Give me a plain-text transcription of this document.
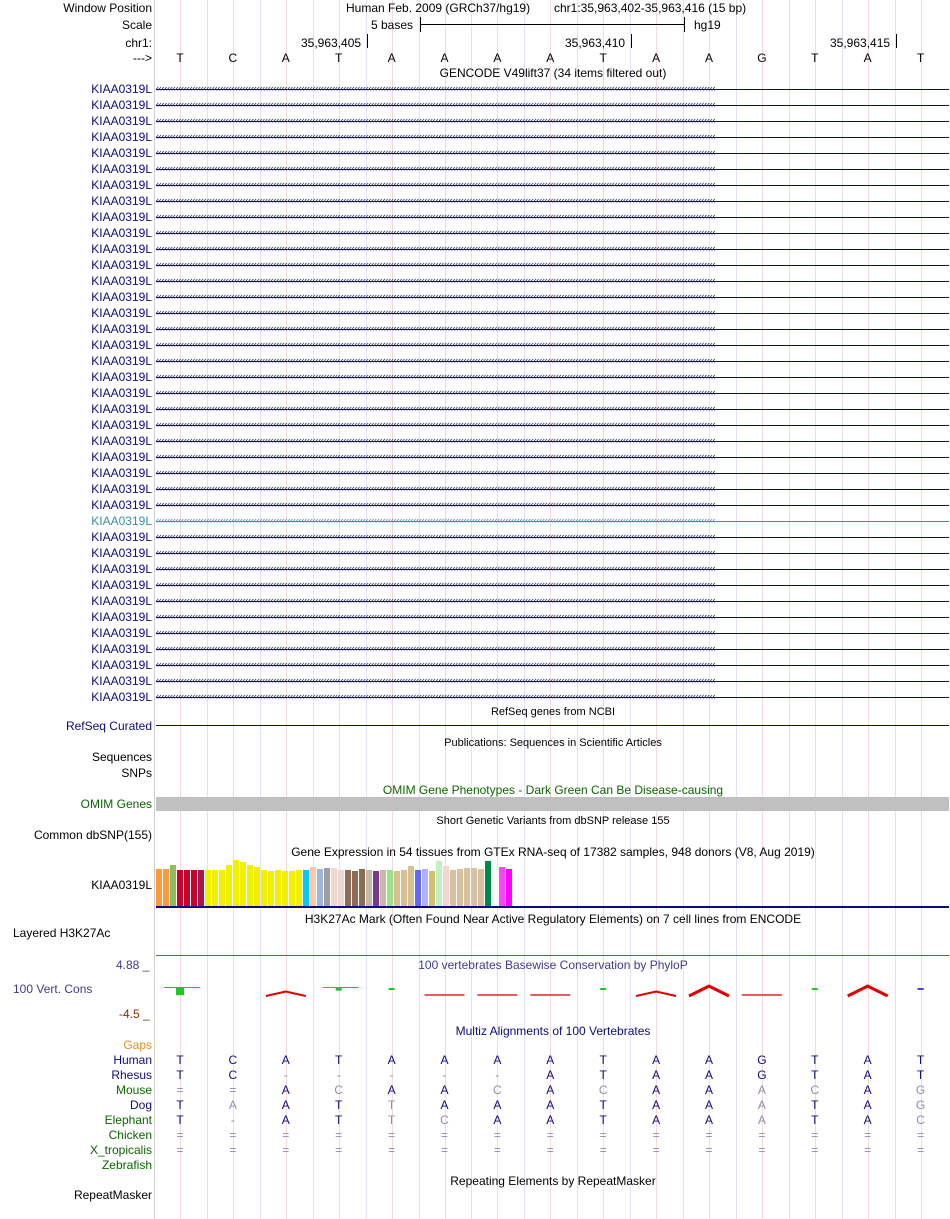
Window Position	Human Feb. 2009 (GRCh37/hg19) chr1:35,963,402-35,963,416 (15 bp)
Scale	5 bases	hg19
chr1:	35,963,405	35,963,410	35,963,415
--->	T	C	A	T	A	A	A	A	T	A	A	G	T	A	T
GENCODE V49lift37 (34 items filtered out)
KIAA0319L ‹‹‹‹‹‹‹‹‹‹‹‹‹‹‹‹‹‹‹‹‹‹‹‹‹‹‹‹‹‹‹‹‹‹‹‹‹‹‹‹‹‹‹‹‹‹‹‹‹‹‹‹‹‹‹‹‹‹‹‹‹‹‹‹‹‹‹‹‹‹‹‹‹‹‹‹‹‹‹‹‹‹‹‹‹‹‹‹‹‹‹‹‹‹‹‹‹‹‹‹‹‹‹‹‹‹‹‹‹‹‹‹‹‹‹‹‹‹‹‹‹‹‹‹‹‹‹‹‹‹‹‹‹‹‹‹‹‹‹‹‹‹‹‹‹‹‹‹‹‹‹‹‹‹‹‹‹‹‹‹‹‹‹‹‹‹‹‹‹‹‹‹‹‹‹‹‹‹‹‹‹‹‹‹‹‹‹‹‹‹‹‹‹‹‹‹‹‹‹‹
KIAA0319L ‹‹‹‹‹‹‹‹‹‹‹‹‹‹‹‹‹‹‹‹‹‹‹‹‹‹‹‹‹‹‹‹‹‹‹‹‹‹‹‹‹‹‹‹‹‹‹‹‹‹‹‹‹‹‹‹‹‹‹‹‹‹‹‹‹‹‹‹‹‹‹‹‹‹‹‹‹‹‹‹‹‹‹‹‹‹‹‹‹‹‹‹‹‹‹‹‹‹‹‹‹‹‹‹‹‹‹‹‹‹‹‹‹‹‹‹‹‹‹‹‹‹‹‹‹‹‹‹‹‹‹‹‹‹‹‹‹‹‹‹‹‹‹‹‹‹‹‹‹‹‹‹‹‹‹‹‹‹‹‹‹‹‹‹‹‹‹‹‹‹‹‹‹‹‹‹‹‹‹‹‹‹‹‹‹‹‹‹‹‹‹‹‹‹‹‹‹‹‹‹
KIAA0319L ‹‹‹‹‹‹‹‹‹‹‹‹‹‹‹‹‹‹‹‹‹‹‹‹‹‹‹‹‹‹‹‹‹‹‹‹‹‹‹‹‹‹‹‹‹‹‹‹‹‹‹‹‹‹‹‹‹‹‹‹‹‹‹‹‹‹‹‹‹‹‹‹‹‹‹‹‹‹‹‹‹‹‹‹‹‹‹‹‹‹‹‹‹‹‹‹‹‹‹‹‹‹‹‹‹‹‹‹‹‹‹‹‹‹‹‹‹‹‹‹‹‹‹‹‹‹‹‹‹‹‹‹‹‹‹‹‹‹‹‹‹‹‹‹‹‹‹‹‹‹‹‹‹‹‹‹‹‹‹‹‹‹‹‹‹‹‹‹‹‹‹‹‹‹‹‹‹‹‹‹‹‹‹‹‹‹‹‹‹‹‹‹‹‹‹‹‹‹‹‹
KIAA0319L ‹‹‹‹‹‹‹‹‹‹‹‹‹‹‹‹‹‹‹‹‹‹‹‹‹‹‹‹‹‹‹‹‹‹‹‹‹‹‹‹‹‹‹‹‹‹‹‹‹‹‹‹‹‹‹‹‹‹‹‹‹‹‹‹‹‹‹‹‹‹‹‹‹‹‹‹‹‹‹‹‹‹‹‹‹‹‹‹‹‹‹‹‹‹‹‹‹‹‹‹‹‹‹‹‹‹‹‹‹‹‹‹‹‹‹‹‹‹‹‹‹‹‹‹‹‹‹‹‹‹‹‹‹‹‹‹‹‹‹‹‹‹‹‹‹‹‹‹‹‹‹‹‹‹‹‹‹‹‹‹‹‹‹‹‹‹‹‹‹‹‹‹‹‹‹‹‹‹‹‹‹‹‹‹‹‹‹‹‹‹‹‹‹‹‹‹‹‹‹‹
KIAA0319L ‹‹‹‹‹‹‹‹‹‹‹‹‹‹‹‹‹‹‹‹‹‹‹‹‹‹‹‹‹‹‹‹‹‹‹‹‹‹‹‹‹‹‹‹‹‹‹‹‹‹‹‹‹‹‹‹‹‹‹‹‹‹‹‹‹‹‹‹‹‹‹‹‹‹‹‹‹‹‹‹‹‹‹‹‹‹‹‹‹‹‹‹‹‹‹‹‹‹‹‹‹‹‹‹‹‹‹‹‹‹‹‹‹‹‹‹‹‹‹‹‹‹‹‹‹‹‹‹‹‹‹‹‹‹‹‹‹‹‹‹‹‹‹‹‹‹‹‹‹‹‹‹‹‹‹‹‹‹‹‹‹‹‹‹‹‹‹‹‹‹‹‹‹‹‹‹‹‹‹‹‹‹‹‹‹‹‹‹‹‹‹‹‹‹‹‹‹‹‹‹
KIAA0319L ‹‹‹‹‹‹‹‹‹‹‹‹‹‹‹‹‹‹‹‹‹‹‹‹‹‹‹‹‹‹‹‹‹‹‹‹‹‹‹‹‹‹‹‹‹‹‹‹‹‹‹‹‹‹‹‹‹‹‹‹‹‹‹‹‹‹‹‹‹‹‹‹‹‹‹‹‹‹‹‹‹‹‹‹‹‹‹‹‹‹‹‹‹‹‹‹‹‹‹‹‹‹‹‹‹‹‹‹‹‹‹‹‹‹‹‹‹‹‹‹‹‹‹‹‹‹‹‹‹‹‹‹‹‹‹‹‹‹‹‹‹‹‹‹‹‹‹‹‹‹‹‹‹‹‹‹‹‹‹‹‹‹‹‹‹‹‹‹‹‹‹‹‹‹‹‹‹‹‹‹‹‹‹‹‹‹‹‹‹‹‹‹‹‹‹‹‹‹‹‹
KIAA0319L ‹‹‹‹‹‹‹‹‹‹‹‹‹‹‹‹‹‹‹‹‹‹‹‹‹‹‹‹‹‹‹‹‹‹‹‹‹‹‹‹‹‹‹‹‹‹‹‹‹‹‹‹‹‹‹‹‹‹‹‹‹‹‹‹‹‹‹‹‹‹‹‹‹‹‹‹‹‹‹‹‹‹‹‹‹‹‹‹‹‹‹‹‹‹‹‹‹‹‹‹‹‹‹‹‹‹‹‹‹‹‹‹‹‹‹‹‹‹‹‹‹‹‹‹‹‹‹‹‹‹‹‹‹‹‹‹‹‹‹‹‹‹‹‹‹‹‹‹‹‹‹‹‹‹‹‹‹‹‹‹‹‹‹‹‹‹‹‹‹‹‹‹‹‹‹‹‹‹‹‹‹‹‹‹‹‹‹‹‹‹‹‹‹‹‹‹‹‹‹‹
KIAA0319L ‹‹‹‹‹‹‹‹‹‹‹‹‹‹‹‹‹‹‹‹‹‹‹‹‹‹‹‹‹‹‹‹‹‹‹‹‹‹‹‹‹‹‹‹‹‹‹‹‹‹‹‹‹‹‹‹‹‹‹‹‹‹‹‹‹‹‹‹‹‹‹‹‹‹‹‹‹‹‹‹‹‹‹‹‹‹‹‹‹‹‹‹‹‹‹‹‹‹‹‹‹‹‹‹‹‹‹‹‹‹‹‹‹‹‹‹‹‹‹‹‹‹‹‹‹‹‹‹‹‹‹‹‹‹‹‹‹‹‹‹‹‹‹‹‹‹‹‹‹‹‹‹‹‹‹‹‹‹‹‹‹‹‹‹‹‹‹‹‹‹‹‹‹‹‹‹‹‹‹‹‹‹‹‹‹‹‹‹‹‹‹‹‹‹‹‹‹‹‹‹
KIAA0319L ‹‹‹‹‹‹‹‹‹‹‹‹‹‹‹‹‹‹‹‹‹‹‹‹‹‹‹‹‹‹‹‹‹‹‹‹‹‹‹‹‹‹‹‹‹‹‹‹‹‹‹‹‹‹‹‹‹‹‹‹‹‹‹‹‹‹‹‹‹‹‹‹‹‹‹‹‹‹‹‹‹‹‹‹‹‹‹‹‹‹‹‹‹‹‹‹‹‹‹‹‹‹‹‹‹‹‹‹‹‹‹‹‹‹‹‹‹‹‹‹‹‹‹‹‹‹‹‹‹‹‹‹‹‹‹‹‹‹‹‹‹‹‹‹‹‹‹‹‹‹‹‹‹‹‹‹‹‹‹‹‹‹‹‹‹‹‹‹‹‹‹‹‹‹‹‹‹‹‹‹‹‹‹‹‹‹‹‹‹‹‹‹‹‹‹‹‹‹‹‹
KIAA0319L ‹‹‹‹‹‹‹‹‹‹‹‹‹‹‹‹‹‹‹‹‹‹‹‹‹‹‹‹‹‹‹‹‹‹‹‹‹‹‹‹‹‹‹‹‹‹‹‹‹‹‹‹‹‹‹‹‹‹‹‹‹‹‹‹‹‹‹‹‹‹‹‹‹‹‹‹‹‹‹‹‹‹‹‹‹‹‹‹‹‹‹‹‹‹‹‹‹‹‹‹‹‹‹‹‹‹‹‹‹‹‹‹‹‹‹‹‹‹‹‹‹‹‹‹‹‹‹‹‹‹‹‹‹‹‹‹‹‹‹‹‹‹‹‹‹‹‹‹‹‹‹‹‹‹‹‹‹‹‹‹‹‹‹‹‹‹‹‹‹‹‹‹‹‹‹‹‹‹‹‹‹‹‹‹‹‹‹‹‹‹‹‹‹‹‹‹‹‹‹‹
KIAA0319L ‹‹‹‹‹‹‹‹‹‹‹‹‹‹‹‹‹‹‹‹‹‹‹‹‹‹‹‹‹‹‹‹‹‹‹‹‹‹‹‹‹‹‹‹‹‹‹‹‹‹‹‹‹‹‹‹‹‹‹‹‹‹‹‹‹‹‹‹‹‹‹‹‹‹‹‹‹‹‹‹‹‹‹‹‹‹‹‹‹‹‹‹‹‹‹‹‹‹‹‹‹‹‹‹‹‹‹‹‹‹‹‹‹‹‹‹‹‹‹‹‹‹‹‹‹‹‹‹‹‹‹‹‹‹‹‹‹‹‹‹‹‹‹‹‹‹‹‹‹‹‹‹‹‹‹‹‹‹‹‹‹‹‹‹‹‹‹‹‹‹‹‹‹‹‹‹‹‹‹‹‹‹‹‹‹‹‹‹‹‹‹‹‹‹‹‹‹‹‹‹
KIAA0319L ‹‹‹‹‹‹‹‹‹‹‹‹‹‹‹‹‹‹‹‹‹‹‹‹‹‹‹‹‹‹‹‹‹‹‹‹‹‹‹‹‹‹‹‹‹‹‹‹‹‹‹‹‹‹‹‹‹‹‹‹‹‹‹‹‹‹‹‹‹‹‹‹‹‹‹‹‹‹‹‹‹‹‹‹‹‹‹‹‹‹‹‹‹‹‹‹‹‹‹‹‹‹‹‹‹‹‹‹‹‹‹‹‹‹‹‹‹‹‹‹‹‹‹‹‹‹‹‹‹‹‹‹‹‹‹‹‹‹‹‹‹‹‹‹‹‹‹‹‹‹‹‹‹‹‹‹‹‹‹‹‹‹‹‹‹‹‹‹‹‹‹‹‹‹‹‹‹‹‹‹‹‹‹‹‹‹‹‹‹‹‹‹‹‹‹‹‹‹‹‹
KIAA0319L ‹‹‹‹‹‹‹‹‹‹‹‹‹‹‹‹‹‹‹‹‹‹‹‹‹‹‹‹‹‹‹‹‹‹‹‹‹‹‹‹‹‹‹‹‹‹‹‹‹‹‹‹‹‹‹‹‹‹‹‹‹‹‹‹‹‹‹‹‹‹‹‹‹‹‹‹‹‹‹‹‹‹‹‹‹‹‹‹‹‹‹‹‹‹‹‹‹‹‹‹‹‹‹‹‹‹‹‹‹‹‹‹‹‹‹‹‹‹‹‹‹‹‹‹‹‹‹‹‹‹‹‹‹‹‹‹‹‹‹‹‹‹‹‹‹‹‹‹‹‹‹‹‹‹‹‹‹‹‹‹‹‹‹‹‹‹‹‹‹‹‹‹‹‹‹‹‹‹‹‹‹‹‹‹‹‹‹‹‹‹‹‹‹‹‹‹‹‹‹‹
KIAA0319L ‹‹‹‹‹‹‹‹‹‹‹‹‹‹‹‹‹‹‹‹‹‹‹‹‹‹‹‹‹‹‹‹‹‹‹‹‹‹‹‹‹‹‹‹‹‹‹‹‹‹‹‹‹‹‹‹‹‹‹‹‹‹‹‹‹‹‹‹‹‹‹‹‹‹‹‹‹‹‹‹‹‹‹‹‹‹‹‹‹‹‹‹‹‹‹‹‹‹‹‹‹‹‹‹‹‹‹‹‹‹‹‹‹‹‹‹‹‹‹‹‹‹‹‹‹‹‹‹‹‹‹‹‹‹‹‹‹‹‹‹‹‹‹‹‹‹‹‹‹‹‹‹‹‹‹‹‹‹‹‹‹‹‹‹‹‹‹‹‹‹‹‹‹‹‹‹‹‹‹‹‹‹‹‹‹‹‹‹‹‹‹‹‹‹‹‹‹‹‹‹
KIAA0319L ‹‹‹‹‹‹‹‹‹‹‹‹‹‹‹‹‹‹‹‹‹‹‹‹‹‹‹‹‹‹‹‹‹‹‹‹‹‹‹‹‹‹‹‹‹‹‹‹‹‹‹‹‹‹‹‹‹‹‹‹‹‹‹‹‹‹‹‹‹‹‹‹‹‹‹‹‹‹‹‹‹‹‹‹‹‹‹‹‹‹‹‹‹‹‹‹‹‹‹‹‹‹‹‹‹‹‹‹‹‹‹‹‹‹‹‹‹‹‹‹‹‹‹‹‹‹‹‹‹‹‹‹‹‹‹‹‹‹‹‹‹‹‹‹‹‹‹‹‹‹‹‹‹‹‹‹‹‹‹‹‹‹‹‹‹‹‹‹‹‹‹‹‹‹‹‹‹‹‹‹‹‹‹‹‹‹‹‹‹‹‹‹‹‹‹‹‹‹‹‹
KIAA0319L ‹‹‹‹‹‹‹‹‹‹‹‹‹‹‹‹‹‹‹‹‹‹‹‹‹‹‹‹‹‹‹‹‹‹‹‹‹‹‹‹‹‹‹‹‹‹‹‹‹‹‹‹‹‹‹‹‹‹‹‹‹‹‹‹‹‹‹‹‹‹‹‹‹‹‹‹‹‹‹‹‹‹‹‹‹‹‹‹‹‹‹‹‹‹‹‹‹‹‹‹‹‹‹‹‹‹‹‹‹‹‹‹‹‹‹‹‹‹‹‹‹‹‹‹‹‹‹‹‹‹‹‹‹‹‹‹‹‹‹‹‹‹‹‹‹‹‹‹‹‹‹‹‹‹‹‹‹‹‹‹‹‹‹‹‹‹‹‹‹‹‹‹‹‹‹‹‹‹‹‹‹‹‹‹‹‹‹‹‹‹‹‹‹‹‹‹‹‹‹‹
KIAA0319L ‹‹‹‹‹‹‹‹‹‹‹‹‹‹‹‹‹‹‹‹‹‹‹‹‹‹‹‹‹‹‹‹‹‹‹‹‹‹‹‹‹‹‹‹‹‹‹‹‹‹‹‹‹‹‹‹‹‹‹‹‹‹‹‹‹‹‹‹‹‹‹‹‹‹‹‹‹‹‹‹‹‹‹‹‹‹‹‹‹‹‹‹‹‹‹‹‹‹‹‹‹‹‹‹‹‹‹‹‹‹‹‹‹‹‹‹‹‹‹‹‹‹‹‹‹‹‹‹‹‹‹‹‹‹‹‹‹‹‹‹‹‹‹‹‹‹‹‹‹‹‹‹‹‹‹‹‹‹‹‹‹‹‹‹‹‹‹‹‹‹‹‹‹‹‹‹‹‹‹‹‹‹‹‹‹‹‹‹‹‹‹‹‹‹‹‹‹‹‹‹
KIAA0319L ‹‹‹‹‹‹‹‹‹‹‹‹‹‹‹‹‹‹‹‹‹‹‹‹‹‹‹‹‹‹‹‹‹‹‹‹‹‹‹‹‹‹‹‹‹‹‹‹‹‹‹‹‹‹‹‹‹‹‹‹‹‹‹‹‹‹‹‹‹‹‹‹‹‹‹‹‹‹‹‹‹‹‹‹‹‹‹‹‹‹‹‹‹‹‹‹‹‹‹‹‹‹‹‹‹‹‹‹‹‹‹‹‹‹‹‹‹‹‹‹‹‹‹‹‹‹‹‹‹‹‹‹‹‹‹‹‹‹‹‹‹‹‹‹‹‹‹‹‹‹‹‹‹‹‹‹‹‹‹‹‹‹‹‹‹‹‹‹‹‹‹‹‹‹‹‹‹‹‹‹‹‹‹‹‹‹‹‹‹‹‹‹‹‹‹‹‹‹‹‹
KIAA0319L ‹‹‹‹‹‹‹‹‹‹‹‹‹‹‹‹‹‹‹‹‹‹‹‹‹‹‹‹‹‹‹‹‹‹‹‹‹‹‹‹‹‹‹‹‹‹‹‹‹‹‹‹‹‹‹‹‹‹‹‹‹‹‹‹‹‹‹‹‹‹‹‹‹‹‹‹‹‹‹‹‹‹‹‹‹‹‹‹‹‹‹‹‹‹‹‹‹‹‹‹‹‹‹‹‹‹‹‹‹‹‹‹‹‹‹‹‹‹‹‹‹‹‹‹‹‹‹‹‹‹‹‹‹‹‹‹‹‹‹‹‹‹‹‹‹‹‹‹‹‹‹‹‹‹‹‹‹‹‹‹‹‹‹‹‹‹‹‹‹‹‹‹‹‹‹‹‹‹‹‹‹‹‹‹‹‹‹‹‹‹‹‹‹‹‹‹‹‹‹‹
KIAA0319L ‹‹‹‹‹‹‹‹‹‹‹‹‹‹‹‹‹‹‹‹‹‹‹‹‹‹‹‹‹‹‹‹‹‹‹‹‹‹‹‹‹‹‹‹‹‹‹‹‹‹‹‹‹‹‹‹‹‹‹‹‹‹‹‹‹‹‹‹‹‹‹‹‹‹‹‹‹‹‹‹‹‹‹‹‹‹‹‹‹‹‹‹‹‹‹‹‹‹‹‹‹‹‹‹‹‹‹‹‹‹‹‹‹‹‹‹‹‹‹‹‹‹‹‹‹‹‹‹‹‹‹‹‹‹‹‹‹‹‹‹‹‹‹‹‹‹‹‹‹‹‹‹‹‹‹‹‹‹‹‹‹‹‹‹‹‹‹‹‹‹‹‹‹‹‹‹‹‹‹‹‹‹‹‹‹‹‹‹‹‹‹‹‹‹‹‹‹‹‹‹
KIAA0319L ‹‹‹‹‹‹‹‹‹‹‹‹‹‹‹‹‹‹‹‹‹‹‹‹‹‹‹‹‹‹‹‹‹‹‹‹‹‹‹‹‹‹‹‹‹‹‹‹‹‹‹‹‹‹‹‹‹‹‹‹‹‹‹‹‹‹‹‹‹‹‹‹‹‹‹‹‹‹‹‹‹‹‹‹‹‹‹‹‹‹‹‹‹‹‹‹‹‹‹‹‹‹‹‹‹‹‹‹‹‹‹‹‹‹‹‹‹‹‹‹‹‹‹‹‹‹‹‹‹‹‹‹‹‹‹‹‹‹‹‹‹‹‹‹‹‹‹‹‹‹‹‹‹‹‹‹‹‹‹‹‹‹‹‹‹‹‹‹‹‹‹‹‹‹‹‹‹‹‹‹‹‹‹‹‹‹‹‹‹‹‹‹‹‹‹‹‹‹‹‹
KIAA0319L ‹‹‹‹‹‹‹‹‹‹‹‹‹‹‹‹‹‹‹‹‹‹‹‹‹‹‹‹‹‹‹‹‹‹‹‹‹‹‹‹‹‹‹‹‹‹‹‹‹‹‹‹‹‹‹‹‹‹‹‹‹‹‹‹‹‹‹‹‹‹‹‹‹‹‹‹‹‹‹‹‹‹‹‹‹‹‹‹‹‹‹‹‹‹‹‹‹‹‹‹‹‹‹‹‹‹‹‹‹‹‹‹‹‹‹‹‹‹‹‹‹‹‹‹‹‹‹‹‹‹‹‹‹‹‹‹‹‹‹‹‹‹‹‹‹‹‹‹‹‹‹‹‹‹‹‹‹‹‹‹‹‹‹‹‹‹‹‹‹‹‹‹‹‹‹‹‹‹‹‹‹‹‹‹‹‹‹‹‹‹‹‹‹‹‹‹‹‹‹‹
KIAA0319L ‹‹‹‹‹‹‹‹‹‹‹‹‹‹‹‹‹‹‹‹‹‹‹‹‹‹‹‹‹‹‹‹‹‹‹‹‹‹‹‹‹‹‹‹‹‹‹‹‹‹‹‹‹‹‹‹‹‹‹‹‹‹‹‹‹‹‹‹‹‹‹‹‹‹‹‹‹‹‹‹‹‹‹‹‹‹‹‹‹‹‹‹‹‹‹‹‹‹‹‹‹‹‹‹‹‹‹‹‹‹‹‹‹‹‹‹‹‹‹‹‹‹‹‹‹‹‹‹‹‹‹‹‹‹‹‹‹‹‹‹‹‹‹‹‹‹‹‹‹‹‹‹‹‹‹‹‹‹‹‹‹‹‹‹‹‹‹‹‹‹‹‹‹‹‹‹‹‹‹‹‹‹‹‹‹‹‹‹‹‹‹‹‹‹‹‹‹‹‹‹
KIAA0319L ‹‹‹‹‹‹‹‹‹‹‹‹‹‹‹‹‹‹‹‹‹‹‹‹‹‹‹‹‹‹‹‹‹‹‹‹‹‹‹‹‹‹‹‹‹‹‹‹‹‹‹‹‹‹‹‹‹‹‹‹‹‹‹‹‹‹‹‹‹‹‹‹‹‹‹‹‹‹‹‹‹‹‹‹‹‹‹‹‹‹‹‹‹‹‹‹‹‹‹‹‹‹‹‹‹‹‹‹‹‹‹‹‹‹‹‹‹‹‹‹‹‹‹‹‹‹‹‹‹‹‹‹‹‹‹‹‹‹‹‹‹‹‹‹‹‹‹‹‹‹‹‹‹‹‹‹‹‹‹‹‹‹‹‹‹‹‹‹‹‹‹‹‹‹‹‹‹‹‹‹‹‹‹‹‹‹‹‹‹‹‹‹‹‹‹‹‹‹‹‹
KIAA0319L ‹‹‹‹‹‹‹‹‹‹‹‹‹‹‹‹‹‹‹‹‹‹‹‹‹‹‹‹‹‹‹‹‹‹‹‹‹‹‹‹‹‹‹‹‹‹‹‹‹‹‹‹‹‹‹‹‹‹‹‹‹‹‹‹‹‹‹‹‹‹‹‹‹‹‹‹‹‹‹‹‹‹‹‹‹‹‹‹‹‹‹‹‹‹‹‹‹‹‹‹‹‹‹‹‹‹‹‹‹‹‹‹‹‹‹‹‹‹‹‹‹‹‹‹‹‹‹‹‹‹‹‹‹‹‹‹‹‹‹‹‹‹‹‹‹‹‹‹‹‹‹‹‹‹‹‹‹‹‹‹‹‹‹‹‹‹‹‹‹‹‹‹‹‹‹‹‹‹‹‹‹‹‹‹‹‹‹‹‹‹‹‹‹‹‹‹‹‹‹‹
KIAA0319L ‹‹‹‹‹‹‹‹‹‹‹‹‹‹‹‹‹‹‹‹‹‹‹‹‹‹‹‹‹‹‹‹‹‹‹‹‹‹‹‹‹‹‹‹‹‹‹‹‹‹‹‹‹‹‹‹‹‹‹‹‹‹‹‹‹‹‹‹‹‹‹‹‹‹‹‹‹‹‹‹‹‹‹‹‹‹‹‹‹‹‹‹‹‹‹‹‹‹‹‹‹‹‹‹‹‹‹‹‹‹‹‹‹‹‹‹‹‹‹‹‹‹‹‹‹‹‹‹‹‹‹‹‹‹‹‹‹‹‹‹‹‹‹‹‹‹‹‹‹‹‹‹‹‹‹‹‹‹‹‹‹‹‹‹‹‹‹‹‹‹‹‹‹‹‹‹‹‹‹‹‹‹‹‹‹‹‹‹‹‹‹‹‹‹‹‹‹‹‹‹
KIAA0319L ‹‹‹‹‹‹‹‹‹‹‹‹‹‹‹‹‹‹‹‹‹‹‹‹‹‹‹‹‹‹‹‹‹‹‹‹‹‹‹‹‹‹‹‹‹‹‹‹‹‹‹‹‹‹‹‹‹‹‹‹‹‹‹‹‹‹‹‹‹‹‹‹‹‹‹‹‹‹‹‹‹‹‹‹‹‹‹‹‹‹‹‹‹‹‹‹‹‹‹‹‹‹‹‹‹‹‹‹‹‹‹‹‹‹‹‹‹‹‹‹‹‹‹‹‹‹‹‹‹‹‹‹‹‹‹‹‹‹‹‹‹‹‹‹‹‹‹‹‹‹‹‹‹‹‹‹‹‹‹‹‹‹‹‹‹‹‹‹‹‹‹‹‹‹‹‹‹‹‹‹‹‹‹‹‹‹‹‹‹‹‹‹‹‹‹‹‹‹‹‹
KIAA0319L ‹‹‹‹‹‹‹‹‹‹‹‹‹‹‹‹‹‹‹‹‹‹‹‹‹‹‹‹‹‹‹‹‹‹‹‹‹‹‹‹‹‹‹‹‹‹‹‹‹‹‹‹‹‹‹‹‹‹‹‹‹‹‹‹‹‹‹‹‹‹‹‹‹‹‹‹‹‹‹‹‹‹‹‹‹‹‹‹‹‹‹‹‹‹‹‹‹‹‹‹‹‹‹‹‹‹‹‹‹‹‹‹‹‹‹‹‹‹‹‹‹‹‹‹‹‹‹‹‹‹‹‹‹‹‹‹‹‹‹‹‹‹‹‹‹‹‹‹‹‹‹‹‹‹‹‹‹‹‹‹‹‹‹‹‹‹‹‹‹‹‹‹‹‹‹‹‹‹‹‹‹‹‹‹‹‹‹‹‹‹‹‹‹‹‹‹‹‹‹‹
KIAA0319L ‹‹‹‹‹‹‹‹‹‹‹‹‹‹‹‹‹‹‹‹‹‹‹‹‹‹‹‹‹‹‹‹‹‹‹‹‹‹‹‹‹‹‹‹‹‹‹‹‹‹‹‹‹‹‹‹‹‹‹‹‹‹‹‹‹‹‹‹‹‹‹‹‹‹‹‹‹‹‹‹‹‹‹‹‹‹‹‹‹‹‹‹‹‹‹‹‹‹‹‹‹‹‹‹‹‹‹‹‹‹‹‹‹‹‹‹‹‹‹‹‹‹‹‹‹‹‹‹‹‹‹‹‹‹‹‹‹‹‹‹‹‹‹‹‹‹‹‹‹‹‹‹‹‹‹‹‹‹‹‹‹‹‹‹‹‹‹‹‹‹‹‹‹‹‹‹‹‹‹‹‹‹‹‹‹‹‹‹‹‹‹‹‹‹‹‹‹‹‹‹
KIAA0319L ‹‹‹‹‹‹‹‹‹‹‹‹‹‹‹‹‹‹‹‹‹‹‹‹‹‹‹‹‹‹‹‹‹‹‹‹‹‹‹‹‹‹‹‹‹‹‹‹‹‹‹‹‹‹‹‹‹‹‹‹‹‹‹‹‹‹‹‹‹‹‹‹‹‹‹‹‹‹‹‹‹‹‹‹‹‹‹‹‹‹‹‹‹‹‹‹‹‹‹‹‹‹‹‹‹‹‹‹‹‹‹‹‹‹‹‹‹‹‹‹‹‹‹‹‹‹‹‹‹‹‹‹‹‹‹‹‹‹‹‹‹‹‹‹‹‹‹‹‹‹‹‹‹‹‹‹‹‹‹‹‹‹‹‹‹‹‹‹‹‹‹‹‹‹‹‹‹‹‹‹‹‹‹‹‹‹‹‹‹‹‹‹‹‹‹‹‹‹‹‹
KIAA0319L ‹‹‹‹‹‹‹‹‹‹‹‹‹‹‹‹‹‹‹‹‹‹‹‹‹‹‹‹‹‹‹‹‹‹‹‹‹‹‹‹‹‹‹‹‹‹‹‹‹‹‹‹‹‹‹‹‹‹‹‹‹‹‹‹‹‹‹‹‹‹‹‹‹‹‹‹‹‹‹‹‹‹‹‹‹‹‹‹‹‹‹‹‹‹‹‹‹‹‹‹‹‹‹‹‹‹‹‹‹‹‹‹‹‹‹‹‹‹‹‹‹‹‹‹‹‹‹‹‹‹‹‹‹‹‹‹‹‹‹‹‹‹‹‹‹‹‹‹‹‹‹‹‹‹‹‹‹‹‹‹‹‹‹‹‹‹‹‹‹‹‹‹‹‹‹‹‹‹‹‹‹‹‹‹‹‹‹‹‹‹‹‹‹‹‹‹‹‹‹‹
KIAA0319L ‹‹‹‹‹‹‹‹‹‹‹‹‹‹‹‹‹‹‹‹‹‹‹‹‹‹‹‹‹‹‹‹‹‹‹‹‹‹‹‹‹‹‹‹‹‹‹‹‹‹‹‹‹‹‹‹‹‹‹‹‹‹‹‹‹‹‹‹‹‹‹‹‹‹‹‹‹‹‹‹‹‹‹‹‹‹‹‹‹‹‹‹‹‹‹‹‹‹‹‹‹‹‹‹‹‹‹‹‹‹‹‹‹‹‹‹‹‹‹‹‹‹‹‹‹‹‹‹‹‹‹‹‹‹‹‹‹‹‹‹‹‹‹‹‹‹‹‹‹‹‹‹‹‹‹‹‹‹‹‹‹‹‹‹‹‹‹‹‹‹‹‹‹‹‹‹‹‹‹‹‹‹‹‹‹‹‹‹‹‹‹‹‹‹‹‹‹‹‹‹
KIAA0319L ‹‹‹‹‹‹‹‹‹‹‹‹‹‹‹‹‹‹‹‹‹‹‹‹‹‹‹‹‹‹‹‹‹‹‹‹‹‹‹‹‹‹‹‹‹‹‹‹‹‹‹‹‹‹‹‹‹‹‹‹‹‹‹‹‹‹‹‹‹‹‹‹‹‹‹‹‹‹‹‹‹‹‹‹‹‹‹‹‹‹‹‹‹‹‹‹‹‹‹‹‹‹‹‹‹‹‹‹‹‹‹‹‹‹‹‹‹‹‹‹‹‹‹‹‹‹‹‹‹‹‹‹‹‹‹‹‹‹‹‹‹‹‹‹‹‹‹‹‹‹‹‹‹‹‹‹‹‹‹‹‹‹‹‹‹‹‹‹‹‹‹‹‹‹‹‹‹‹‹‹‹‹‹‹‹‹‹‹‹‹‹‹‹‹‹‹‹‹‹‹
KIAA0319L ‹‹‹‹‹‹‹‹‹‹‹‹‹‹‹‹‹‹‹‹‹‹‹‹‹‹‹‹‹‹‹‹‹‹‹‹‹‹‹‹‹‹‹‹‹‹‹‹‹‹‹‹‹‹‹‹‹‹‹‹‹‹‹‹‹‹‹‹‹‹‹‹‹‹‹‹‹‹‹‹‹‹‹‹‹‹‹‹‹‹‹‹‹‹‹‹‹‹‹‹‹‹‹‹‹‹‹‹‹‹‹‹‹‹‹‹‹‹‹‹‹‹‹‹‹‹‹‹‹‹‹‹‹‹‹‹‹‹‹‹‹‹‹‹‹‹‹‹‹‹‹‹‹‹‹‹‹‹‹‹‹‹‹‹‹‹‹‹‹‹‹‹‹‹‹‹‹‹‹‹‹‹‹‹‹‹‹‹‹‹‹‹‹‹‹‹‹‹‹‹
KIAA0319L ‹‹‹‹‹‹‹‹‹‹‹‹‹‹‹‹‹‹‹‹‹‹‹‹‹‹‹‹‹‹‹‹‹‹‹‹‹‹‹‹‹‹‹‹‹‹‹‹‹‹‹‹‹‹‹‹‹‹‹‹‹‹‹‹‹‹‹‹‹‹‹‹‹‹‹‹‹‹‹‹‹‹‹‹‹‹‹‹‹‹‹‹‹‹‹‹‹‹‹‹‹‹‹‹‹‹‹‹‹‹‹‹‹‹‹‹‹‹‹‹‹‹‹‹‹‹‹‹‹‹‹‹‹‹‹‹‹‹‹‹‹‹‹‹‹‹‹‹‹‹‹‹‹‹‹‹‹‹‹‹‹‹‹‹‹‹‹‹‹‹‹‹‹‹‹‹‹‹‹‹‹‹‹‹‹‹‹‹‹‹‹‹‹‹‹‹‹‹‹‹
KIAA0319L ‹‹‹‹‹‹‹‹‹‹‹‹‹‹‹‹‹‹‹‹‹‹‹‹‹‹‹‹‹‹‹‹‹‹‹‹‹‹‹‹‹‹‹‹‹‹‹‹‹‹‹‹‹‹‹‹‹‹‹‹‹‹‹‹‹‹‹‹‹‹‹‹‹‹‹‹‹‹‹‹‹‹‹‹‹‹‹‹‹‹‹‹‹‹‹‹‹‹‹‹‹‹‹‹‹‹‹‹‹‹‹‹‹‹‹‹‹‹‹‹‹‹‹‹‹‹‹‹‹‹‹‹‹‹‹‹‹‹‹‹‹‹‹‹‹‹‹‹‹‹‹‹‹‹‹‹‹‹‹‹‹‹‹‹‹‹‹‹‹‹‹‹‹‹‹‹‹‹‹‹‹‹‹‹‹‹‹‹‹‹‹‹‹‹‹‹‹‹‹‹
KIAA0319L ‹‹‹‹‹‹‹‹‹‹‹‹‹‹‹‹‹‹‹‹‹‹‹‹‹‹‹‹‹‹‹‹‹‹‹‹‹‹‹‹‹‹‹‹‹‹‹‹‹‹‹‹‹‹‹‹‹‹‹‹‹‹‹‹‹‹‹‹‹‹‹‹‹‹‹‹‹‹‹‹‹‹‹‹‹‹‹‹‹‹‹‹‹‹‹‹‹‹‹‹‹‹‹‹‹‹‹‹‹‹‹‹‹‹‹‹‹‹‹‹‹‹‹‹‹‹‹‹‹‹‹‹‹‹‹‹‹‹‹‹‹‹‹‹‹‹‹‹‹‹‹‹‹‹‹‹‹‹‹‹‹‹‹‹‹‹‹‹‹‹‹‹‹‹‹‹‹‹‹‹‹‹‹‹‹‹‹‹‹‹‹‹‹‹‹‹‹‹‹‹
KIAA0319L ‹‹‹‹‹‹‹‹‹‹‹‹‹‹‹‹‹‹‹‹‹‹‹‹‹‹‹‹‹‹‹‹‹‹‹‹‹‹‹‹‹‹‹‹‹‹‹‹‹‹‹‹‹‹‹‹‹‹‹‹‹‹‹‹‹‹‹‹‹‹‹‹‹‹‹‹‹‹‹‹‹‹‹‹‹‹‹‹‹‹‹‹‹‹‹‹‹‹‹‹‹‹‹‹‹‹‹‹‹‹‹‹‹‹‹‹‹‹‹‹‹‹‹‹‹‹‹‹‹‹‹‹‹‹‹‹‹‹‹‹‹‹‹‹‹‹‹‹‹‹‹‹‹‹‹‹‹‹‹‹‹‹‹‹‹‹‹‹‹‹‹‹‹‹‹‹‹‹‹‹‹‹‹‹‹‹‹‹‹‹‹‹‹‹‹‹‹‹‹‹
KIAA0319L ‹‹‹‹‹‹‹‹‹‹‹‹‹‹‹‹‹‹‹‹‹‹‹‹‹‹‹‹‹‹‹‹‹‹‹‹‹‹‹‹‹‹‹‹‹‹‹‹‹‹‹‹‹‹‹‹‹‹‹‹‹‹‹‹‹‹‹‹‹‹‹‹‹‹‹‹‹‹‹‹‹‹‹‹‹‹‹‹‹‹‹‹‹‹‹‹‹‹‹‹‹‹‹‹‹‹‹‹‹‹‹‹‹‹‹‹‹‹‹‹‹‹‹‹‹‹‹‹‹‹‹‹‹‹‹‹‹‹‹‹‹‹‹‹‹‹‹‹‹‹‹‹‹‹‹‹‹‹‹‹‹‹‹‹‹‹‹‹‹‹‹‹‹‹‹‹‹‹‹‹‹‹‹‹‹‹‹‹‹‹‹‹‹‹‹‹‹‹‹‹
RefSeq genes from NCBI
RefSeq Curated
Publications: Sequences in Scientific Articles
Sequences
SNPs
OMIM Gene Phenotypes - Dark Green Can Be Disease-causing
OMIM Genes
Short Genetic Variants from dbSNP release 155
Common dbSNP(155)
Gene Expression in 54 tissues from GTEx RNA-seq of 17382 samples, 948 donors (V8, Aug 2019)
KIAA0319L
H3K27Ac Mark (Often Found Near Active Regulatory Elements) on 7 cell lines from ENCODE
Layered H3K27Ac
100 vertebrates Basewise Conservation by PhyloP
4.88 _
100 Vert. Cons
-4.5 _
Multiz Alignments of 100 Vertebrates
Gaps
Human	T	C	A	T	A	A	A	A	T	A	A	G	T	A	T
Rhesus	T	C	-	-	-	-	-	A	T	A	A	G	T	A	T
Mouse	=	=	A	C	A	A	C	A	C	A	A	A	C	A	G
Dog	T	A	A	T	T	A	A	A	T	A	A	A	T	A	G
Elephant	T	-	A	T	T	C	A	A	T	A	A	A	T	A	C
Chicken	=	=	=	=	=	=	=	=	=	=	=	=	=	=	=
X_tropicalis	=	=	=	=	=	=	=	=	=	=	=	=	=	=	=
Zebrafish
Repeating Elements by RepeatMasker
RepeatMasker
